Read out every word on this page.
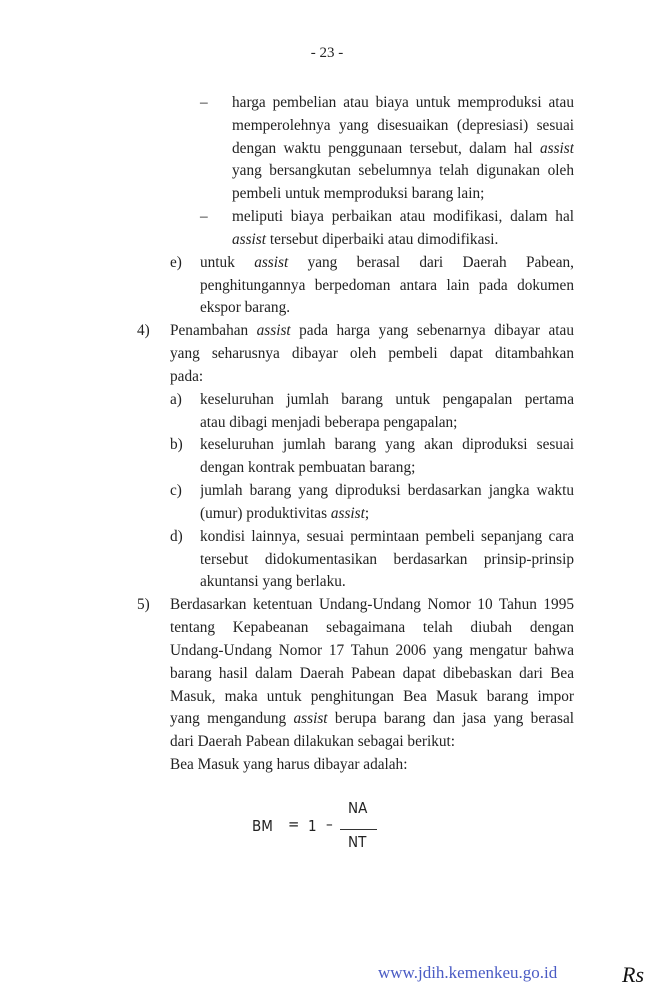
- 23 -
– harga pembelian atau biaya untuk memproduksi atau
memperolehnya yang disesuaikan (depresiasi) sesuai
dengan waktu penggunaan tersebut, dalam hal assist
yang bersangkutan sebelumnya telah digunakan oleh
pembeli untuk memproduksi barang lain;
– meliputi biaya perbaikan atau modifikasi, dalam hal
assist tersebut diperbaiki atau dimodifikasi.
e) untuk assist yang berasal dari Daerah Pabean,
penghitungannya berpedoman antara lain pada dokumen
ekspor barang.
4) Penambahan assist pada harga yang sebenarnya dibayar atau
yang seharusnya dibayar oleh pembeli dapat ditambahkan
pada:
a) keseluruhan jumlah barang untuk pengapalan pertama
atau dibagi menjadi beberapa pengapalan;
b) keseluruhan jumlah barang yang akan diproduksi sesuai
dengan kontrak pembuatan barang;
c) jumlah barang yang diproduksi berdasarkan jangka waktu
(umur) produktivitas assist;
d) kondisi lainnya, sesuai permintaan pembeli sepanjang cara
tersebut didokumentasikan berdasarkan prinsip-prinsip
akuntansi yang berlaku.
5) Berdasarkan ketentuan Undang-Undang Nomor 10 Tahun 1995
tentang Kepabeanan sebagaimana telah diubah dengan
Undang-Undang Nomor 17 Tahun 2006 yang mengatur bahwa
barang hasil dalam Daerah Pabean dapat dibebaskan dari Bea
Masuk, maka untuk penghitungan Bea Masuk barang impor
yang mengandung assist berupa barang dan jasa yang berasal
dari Daerah Pabean dilakukan sebagai berikut:
Bea Masuk yang harus dibayar adalah:
BM = 1 –
NA
NT
www.jdih.kemenkeu.go.id	Rs
